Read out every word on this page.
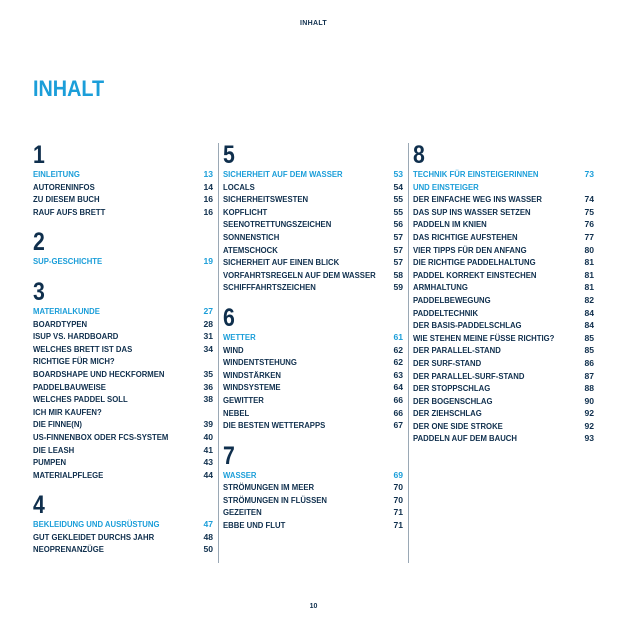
INHALT
INHALT
1
EINLEITUNG	13
AUTORENINFOS	14
ZU DIESEM BUCH	16
RAUF AUFS BRETT	16
2
SUP-GESCHICHTE	19
3
MATERIALKUNDE	27
BOARDTYPEN	28
ISUP VS. HARDBOARD	31
WELCHES BRETT IST DAS	34
RICHTIGE FÜR MICH?
BOARDSHAPE UND HECKFORMEN	35
PADDELBAUWEISE	36
WELCHES PADDEL SOLL	38
ICH MIR KAUFEN?
DIE FINNE(N)	39
US-FINNENBOX ODER FCS-SYSTEM	40
DIE LEASH	41
PUMPEN	43
MATERIALPFLEGE	44
4
BEKLEIDUNG UND AUSRÜSTUNG	47
GUT GEKLEIDET DURCHS JAHR	48
NEOPRENANZÜGE	50
5
SICHERHEIT AUF DEM WASSER	53
LOCALS	54
SICHERHEITSWESTEN	55
KOPFLICHT	55
SEENOTRETTUNGSZEICHEN	56
SONNENSTICH	57
ATEMSCHOCK	57
SICHERHEIT AUF EINEN BLICK	57
VORFAHRTSREGELN AUF DEM WASSER 58
SCHIFFFAHRTSZEICHEN	59
6
WETTER	61
WIND	62
WINDENTSTEHUNG	62
WINDSTÄRKEN	63
WINDSYSTEME	64
GEWITTER	66
NEBEL	66
DIE BESTEN WETTERAPPS	67
7
WASSER	69
STRÖMUNGEN IM MEER	70
STRÖMUNGEN IN FLÜSSEN	70
GEZEITEN	71
EBBE UND FLUT	71
8
TECHNIK FÜR EINSTEIGERINNEN	73
UND EINSTEIGER
DER EINFACHE WEG INS WASSER	74
DAS SUP INS WASSER SETZEN	75
PADDELN IM KNIEN	76
DAS RICHTIGE AUFSTEHEN	77
VIER TIPPS FÜR DEN ANFANG	80
DIE RICHTIGE PADDELHALTUNG	81
PADDEL KORREKT EINSTECHEN	81
ARMHALTUNG	81
PADDELBEWEGUNG	82
PADDELTECHNIK	84
DER BASIS-PADDELSCHLAG	84
WIE STEHEN MEINE FÜSSE RICHTIG?	85
DER PARALLEL-STAND	85
DER SURF-STAND	86
DER PARALLEL-SURF-STAND	87
DER STOPPSCHLAG	88
DER BOGENSCHLAG	90
DER ZIEHSCHLAG	92
DER ONE SIDE STROKE	92
PADDELN AUF DEM BAUCH	93
10
